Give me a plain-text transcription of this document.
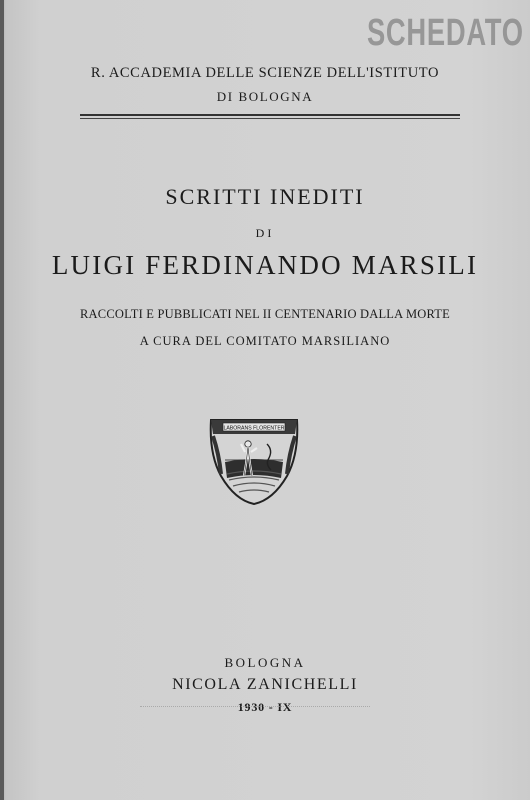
SCHEDATO
R. ACCADEMIA DELLE SCIENZE DELL'ISTITUTO
DI BOLOGNA
SCRITTI INEDITI
DI
LUIGI FERDINANDO MARSILI
RACCOLTI E PUBBLICATI NEL II CENTENARIO DALLA MORTE
A CURA DEL COMITATO MARSILIANO
LABORANS FLORENTER
BOLOGNA
NICOLA ZANICHELLI
1930 - IX
